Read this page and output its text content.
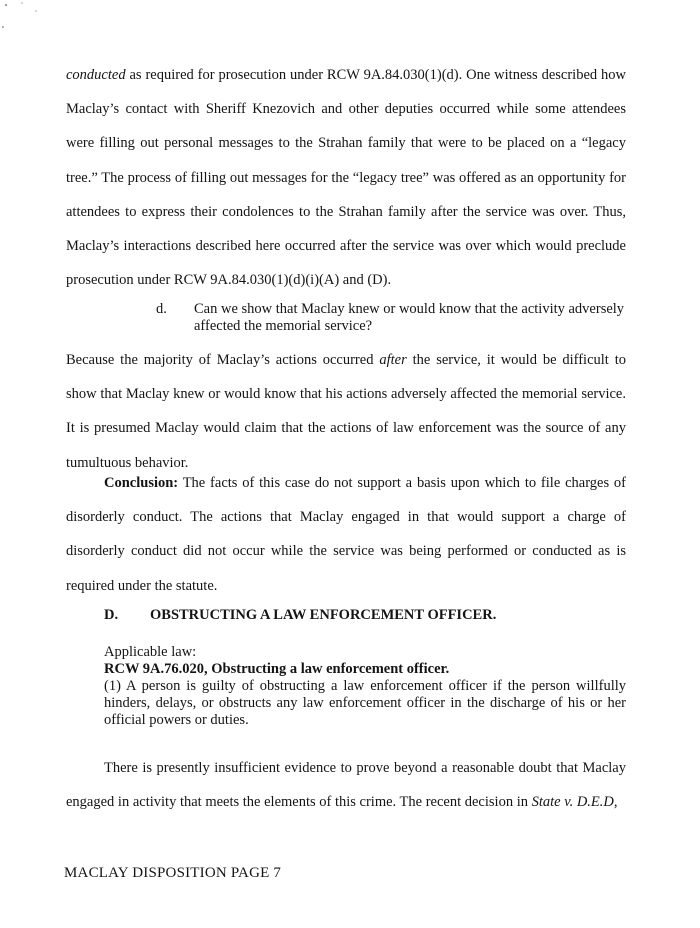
conducted as required for prosecution under RCW 9A.84.030(1)(d). One witness described how Maclay’s contact with Sheriff Knezovich and other deputies occurred while some attendees were filling out personal messages to the Strahan family that were to be placed on a “legacy tree.” The process of filling out messages for the “legacy tree” was offered as an opportunity for attendees to express their condolences to the Strahan family after the service was over. Thus, Maclay’s interactions described here occurred after the service was over which would preclude prosecution under RCW 9A.84.030(1)(d)(i)(A) and (D).

d. Can we show that Maclay knew or would know that the activity adversely affected the memorial service?

Because the majority of Maclay’s actions occurred after the service, it would be difficult to show that Maclay knew or would know that his actions adversely affected the memorial service. It is presumed Maclay would claim that the actions of law enforcement was the source of any tumultuous behavior.

Conclusion: The facts of this case do not support a basis upon which to file charges of disorderly conduct. The actions that Maclay engaged in that would support a charge of disorderly conduct did not occur while the service was being performed or conducted as is required under the statute.

D. OBSTRUCTING A LAW ENFORCEMENT OFFICER.

Applicable law:

RCW 9A.76.020, Obstructing a law enforcement officer.

(1) A person is guilty of obstructing a law enforcement officer if the person willfully hinders, delays, or obstructs any law enforcement officer in the discharge of his or her official powers or duties.

There is presently insufficient evidence to prove beyond a reasonable doubt that Maclay engaged in activity that meets the elements of this crime. The recent decision in State v. D.E.D,

MACLAY DISPOSITION PAGE 7
